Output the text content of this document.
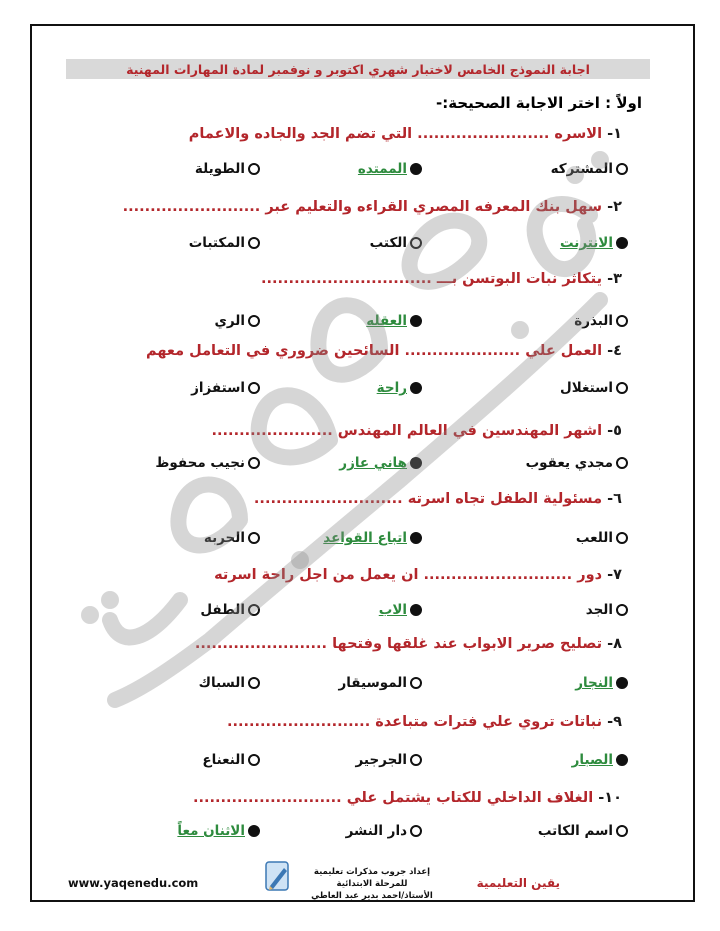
اجابة النموذج الخامس لاختبار شهري اكتوبر و نوفمبر لمادة المهارات المهنية
اولاً : اختر الاجابة الصحيحة:-
١- الاسره ........................ التي تضم الجد والجاده والاعمام
المشتركه
الممتده
الطويلة
٢- سهل بنك المعرفه المصري القراءه والتعليم عبر .........................
الانترنت
الكتب
المكتبات
٣- يتكاثر نبات البوتسن بـــ ...............................
البذرة
العقله
الري
٤- العمل علي ..................... السائحين ضروري في التعامل معهم
استغلال
راحة
استفزاز
٥- اشهر المهندسين في العالم المهندس ......................
مجدي يعقوب
هاني عازر
نجيب محفوظ
٦- مسئولية الطفل تجاه اسرته ...........................
اللعب
اتباع القواعد
الحربه
٧- دور ........................... ان يعمل من اجل راحة اسرته
الجد
الاب
الطفل
٨- تصليح صرير الابواب عند غلقها وفتحها ........................
النجار
الموسيقار
السباك
٩- نباتات تروي علي فترات متباعدة ..........................
الصبار
الجرجير
النعناع
١٠- الغلاف الداخلي للكتاب يشتمل علي ...........................
اسم الكاتب
دار النشر
الاثنان معاً
إعداد جروب مذكرات تعليمية للمرحلة الابتدائية
الأستاذ/احمد بدير عبد العاطي
www.yaqenedu.com	يقين التعليمية
